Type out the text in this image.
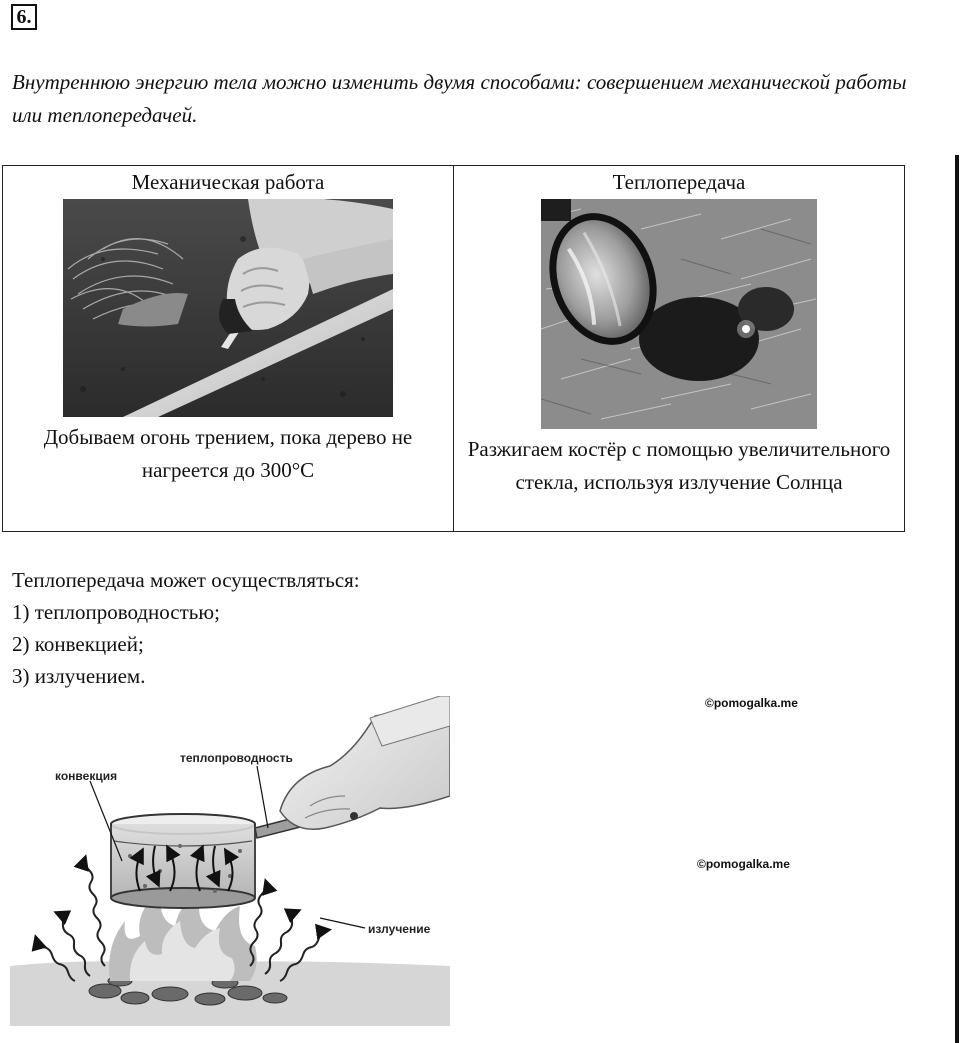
6.
Внутреннюю энергию тела можно изменить двумя способами: совершением механической работы или теплопередачей.
Механическая работа
Добываем огонь трением, пока дерево не нагреется до 300°С

Теплопередача
Разжигаем костёр с помощью увеличительного стекла, используя излучение Солнца
Теплопередача может осуществляться:
1) теплопроводностью;
2) конвекцией;
3) излучением.
©pomogalka.me
©pomogalka.me
конвекция
теплопроводность
излучение
